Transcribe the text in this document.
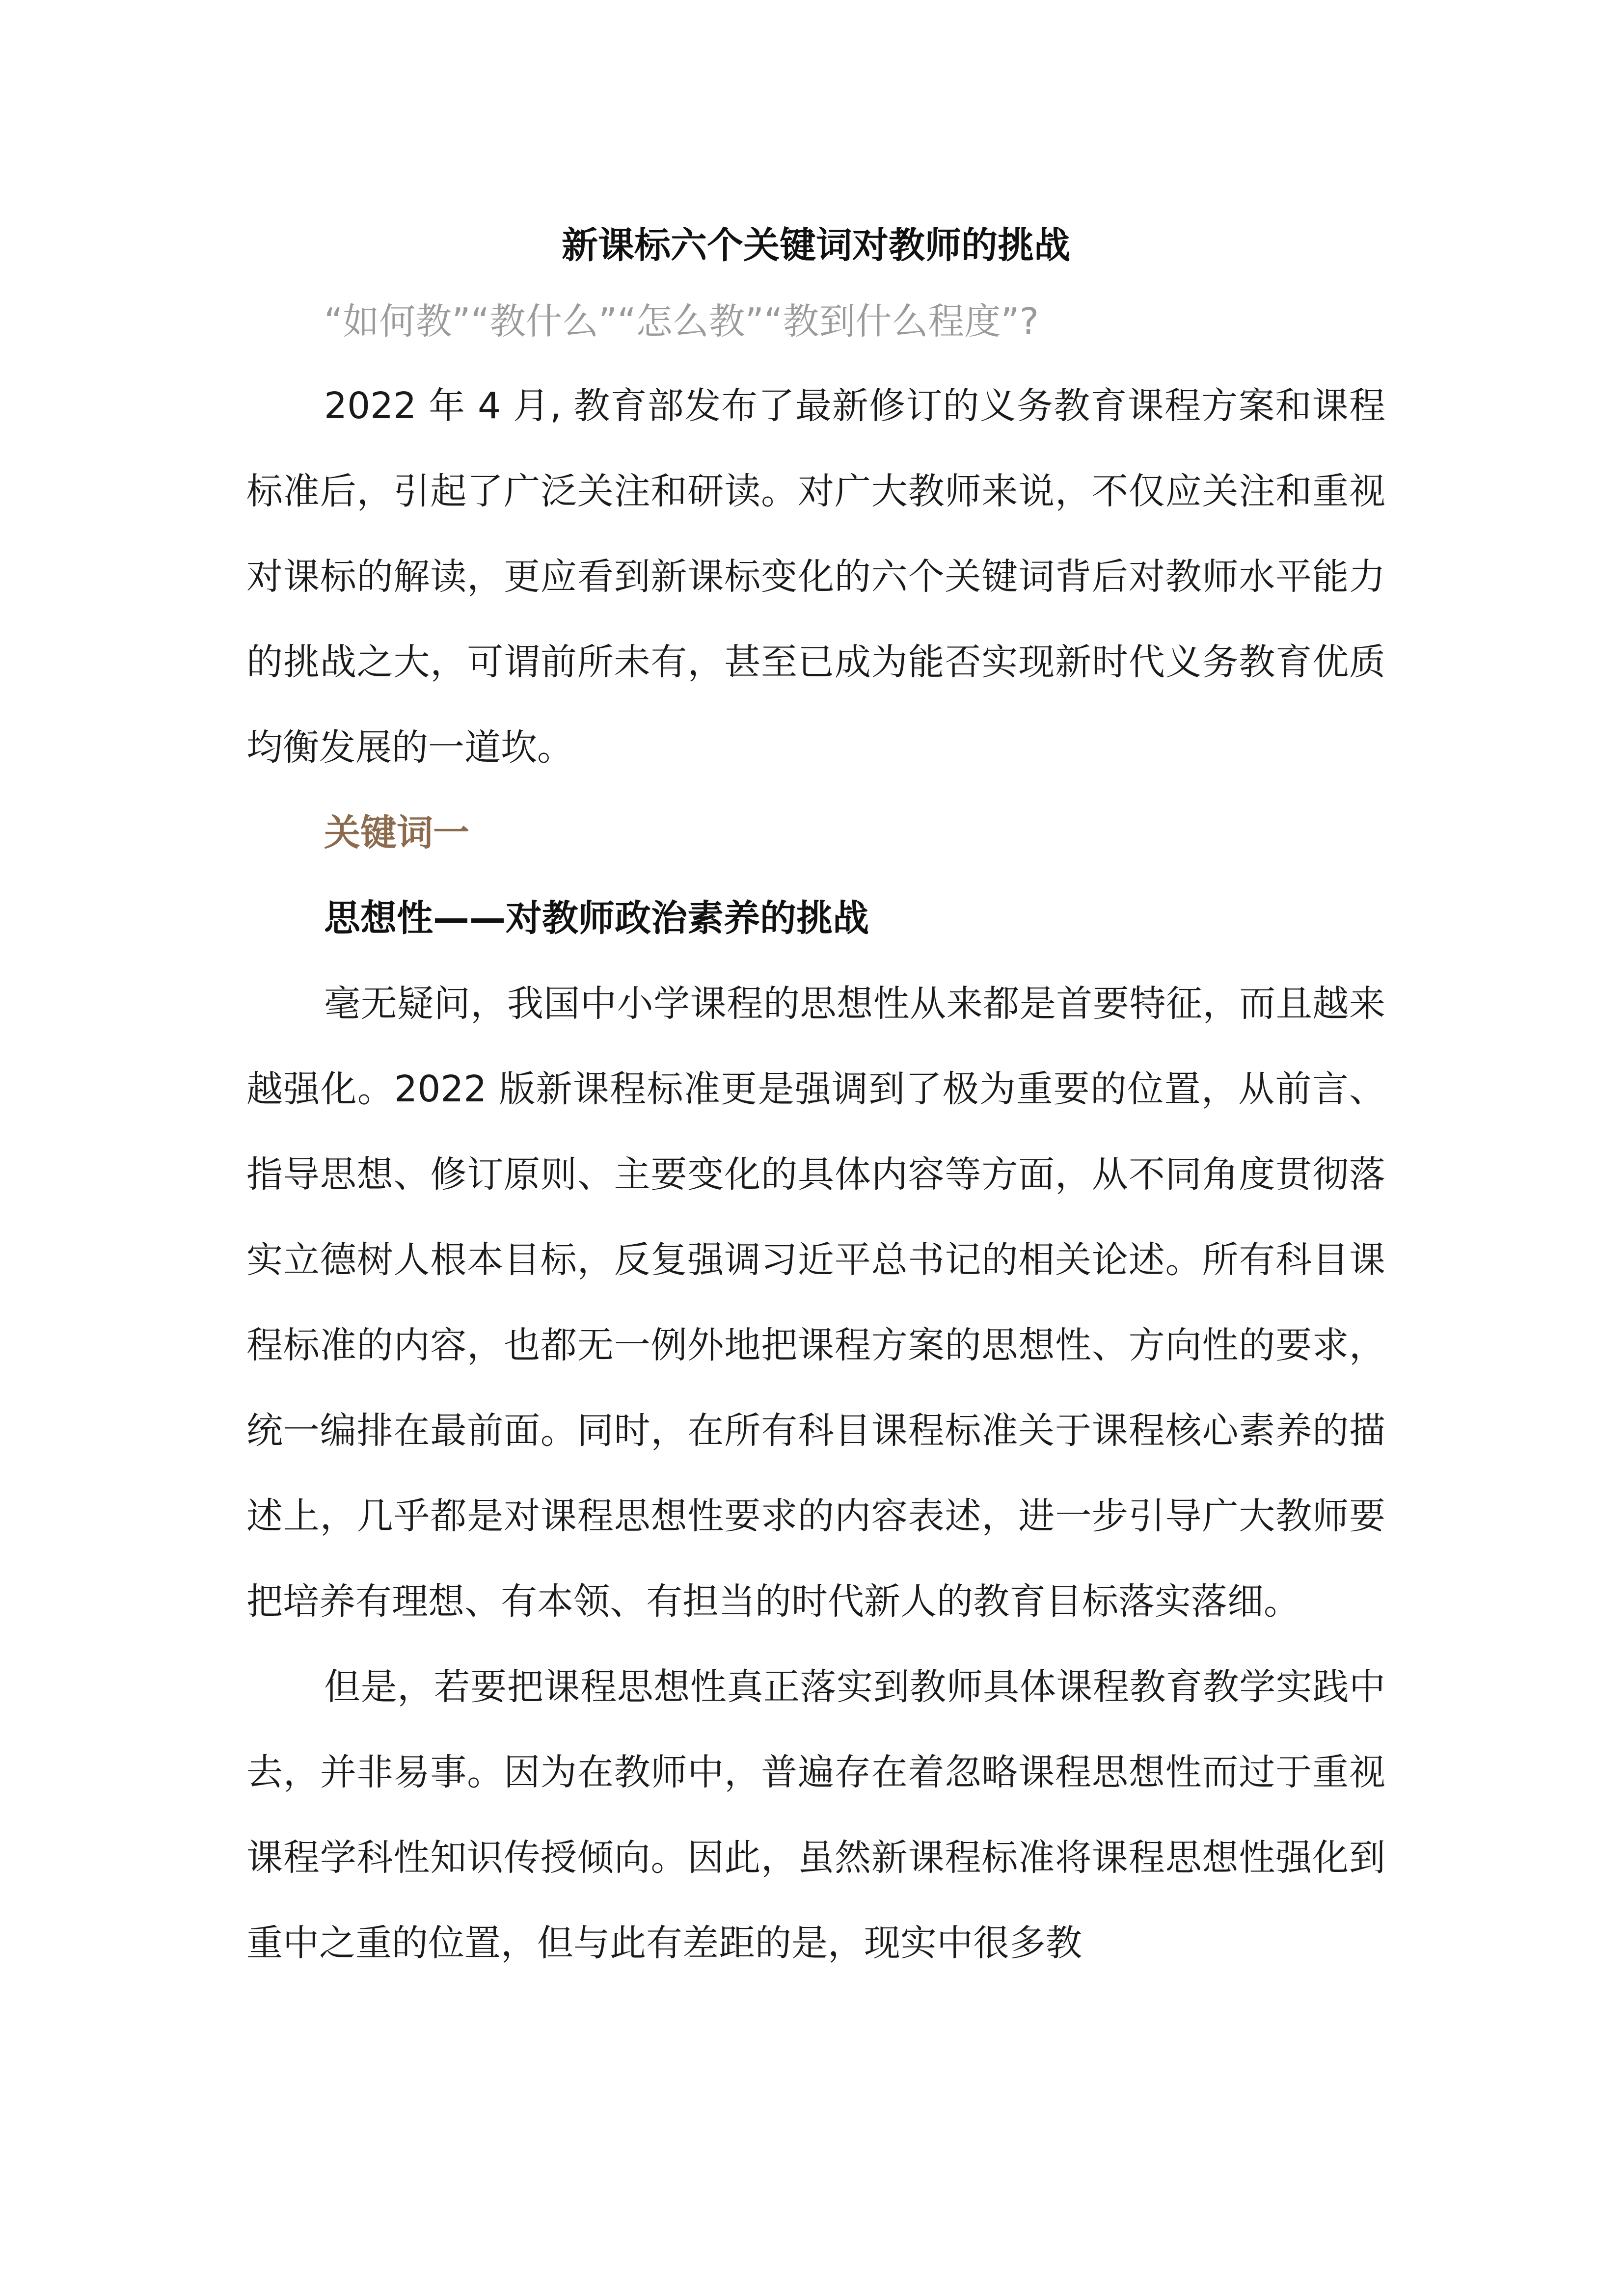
新课标六个关键词对教师的挑战

“如何教”“教什么”“怎么教”“教到什么程度”?

2022 年 4 月, 教育部发布了最新修订的义务教育课程方案和课程标准后，引起了广泛关注和研读。对广大教师来说，不仅应关注和重视对课标的解读，更应看到新课标变化的六个关键词背后对教师水平能力的挑战之大，可谓前所未有，甚至已成为能否实现新时代义务教育优质均衡发展的一道坎。

关键词一

思想性——对教师政治素养的挑战

毫无疑问，我国中小学课程的思想性从来都是首要特征，而且越来越强化。2022 版新课程标准更是强调到了极为重要的位置，从前言、指导思想、修订原则、主要变化的具体内容等方面，从不同角度贯彻落实立德树人根本目标，反复强调习近平总书记的相关论述。所有科目课程标准的内容，也都无一例外地把课程方案的思想性、方向性的要求，统一编排在最前面。同时，在所有科目课程标准关于课程核心素养的描述上，几乎都是对课程思想性要求的内容表述，进一步引导广大教师要把培养有理想、有本领、有担当的时代新人的教育目标落实落细。

但是，若要把课程思想性真正落实到教师具体课程教育教学实践中去，并非易事。因为在教师中，普遍存在着忽略课程思想性而过于重视课程学科性知识传授倾向。因此，虽然新课程标准将课程思想性强化到重中之重的位置，但与此有差距的是，现实中很多教
